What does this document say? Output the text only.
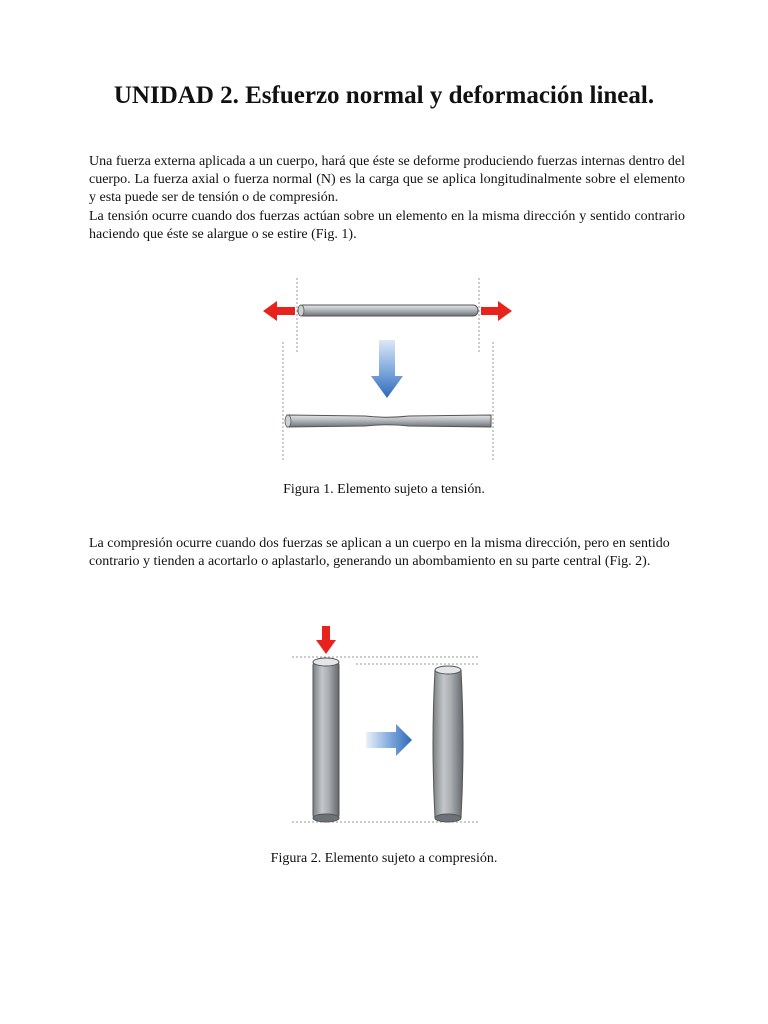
UNIDAD 2. Esfuerzo normal y deformación lineal.

Una fuerza externa aplicada a un cuerpo, hará que éste se deforme produciendo fuerzas internas dentro del cuerpo. La fuerza axial o fuerza normal (N) es la carga que se aplica longitudinalmente sobre el elemento y esta puede ser de tensión o de compresión.

La tensión ocurre cuando dos fuerzas actúan sobre un elemento en la misma dirección y sentido contrario haciendo que éste se alargue o se estire (Fig. 1).

Figura 1. Elemento sujeto a tensión.

La compresión ocurre cuando dos fuerzas se aplican a un cuerpo en la misma dirección, pero en sentido contrario y tienden a acortarlo o aplastarlo, generando un abombamiento en su parte central (Fig. 2).

Figura 2. Elemento sujeto a compresión.
